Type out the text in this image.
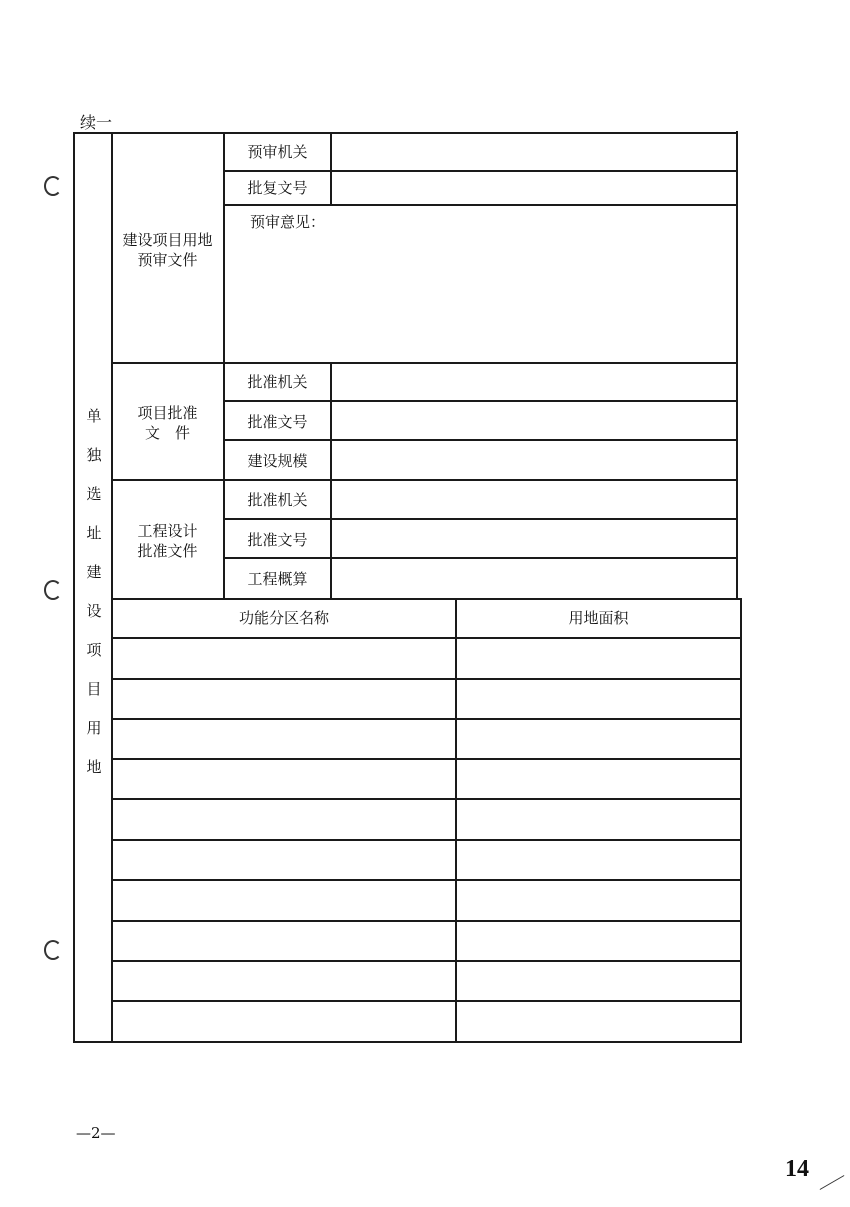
续一
单
独
选
址
建
设
项
目
用
地
建设项目用地
预审文件
预审机关
批复文号
预审意见：
项目批准
文　件
批准机关
批准文号
建设规模
工程设计
批准文件
批准机关
批准文号
工程概算
功能分区名称	用地面积
—2—
14
